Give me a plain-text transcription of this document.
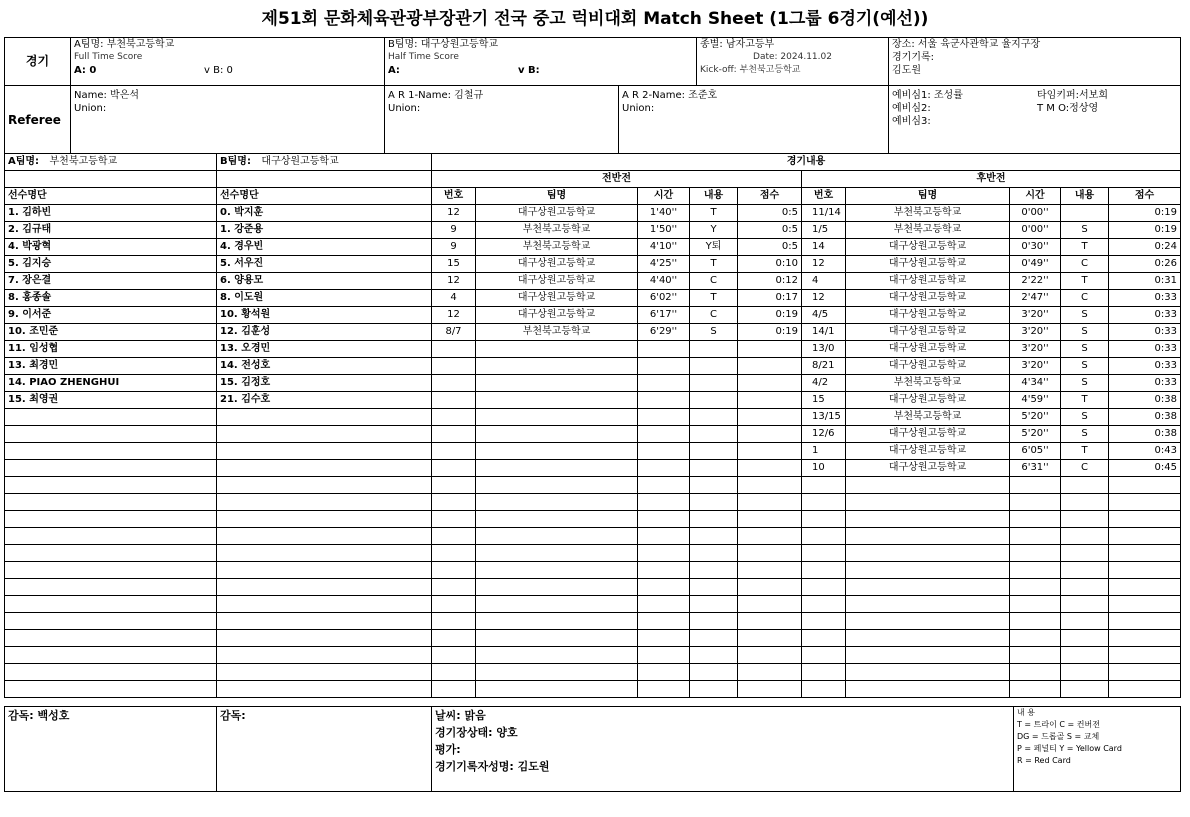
제51회 문화체육관광부장관기 전국 중고 럭비대회 Match Sheet (1그룹 6경기(예선))
경기	
A팀명: 부천북고등학교
Full Time Score
A: 0	v B: 0

B팀명: 대구상원고등학교
Half Time Score
A:	v B:

종별: 남자고등부
Date: 2024.11.02
Kick-off: 부천북고등학교

장소: 서울 육군사관학교 율지구장
경기기록:
김도원
Referee	
Name: 박은석
Union:

A R 1-Name: 김철규
Union:

A R 2-Name: 조준호
Union:

예비심1: 조성률	타임키퍼:서보희
예비심2:	T M O:정상영
예비심3:
A팀명: 부천북고등학교	B팀명: 대구상원고등학교	경기내용									
		전반전					후반전				
선수명단	선수명단	번호	팀명	시간	내용	점수	번호	팀명	시간	내용	점수
1. 김하빈	0. 박지훈	12	대구상원고등학교	1'40''	T	0:5	11/14	부천북고등학교	0'00''		0:19
2. 김규태	1. 강준용	9	부천북고등학교	1'50''	Y	0:5	1/5	부천북고등학교	0'00''	S	0:19
4. 박광혁	4. 경우빈	9	부천북고등학교	4'10''	Y퇴	0:5	14	대구상원고등학교	0'30''	T	0:24
5. 김지승	5. 서우진	15	대구상원고등학교	4'25''	T	0:10	12	대구상원고등학교	0'49''	C	0:26
7. 장은결	6. 양용모	12	대구상원고등학교	4'40''	C	0:12	4	대구상원고등학교	2'22''	T	0:31
8. 홍종솔	8. 이도원	4	대구상원고등학교	6'02''	T	0:17	12	대구상원고등학교	2'47''	C	0:33
9. 이서준	10. 황석원	12	대구상원고등학교	6'17''	C	0:19	4/5	대구상원고등학교	3'20''	S	0:33
10. 조민준	12. 김훈성	8/7	부천북고등학교	6'29''	S	0:19	14/1	대구상원고등학교	3'20''	S	0:33
11. 임성협	13. 오경민						13/0	대구상원고등학교	3'20''	S	0:33
13. 최경민	14. 전성호						8/21	대구상원고등학교	3'20''	S	0:33
14. PIAO ZHENGHUI	15. 김정호						4/2	부천북고등학교	4'34''	S	0:33
15. 최영권	21. 김수호						15	대구상원고등학교	4'59''	T	0:38
							13/15	부천북고등학교	5'20''	S	0:38
							12/6	대구상원고등학교	5'20''	S	0:38
							1	대구상원고등학교	6'05''	T	0:43
							10	대구상원고등학교	6'31''	C	0:45

감독: 백성호	감독:	날씨: 맑음
경기장상태: 양호
평가:
경기기록자성명: 김도원

내 용
T = 트라이 C = 컨버젼
DG = 드롭골 S = 교체
P = 페널티 Y = Yellow Card
R = Red Card
